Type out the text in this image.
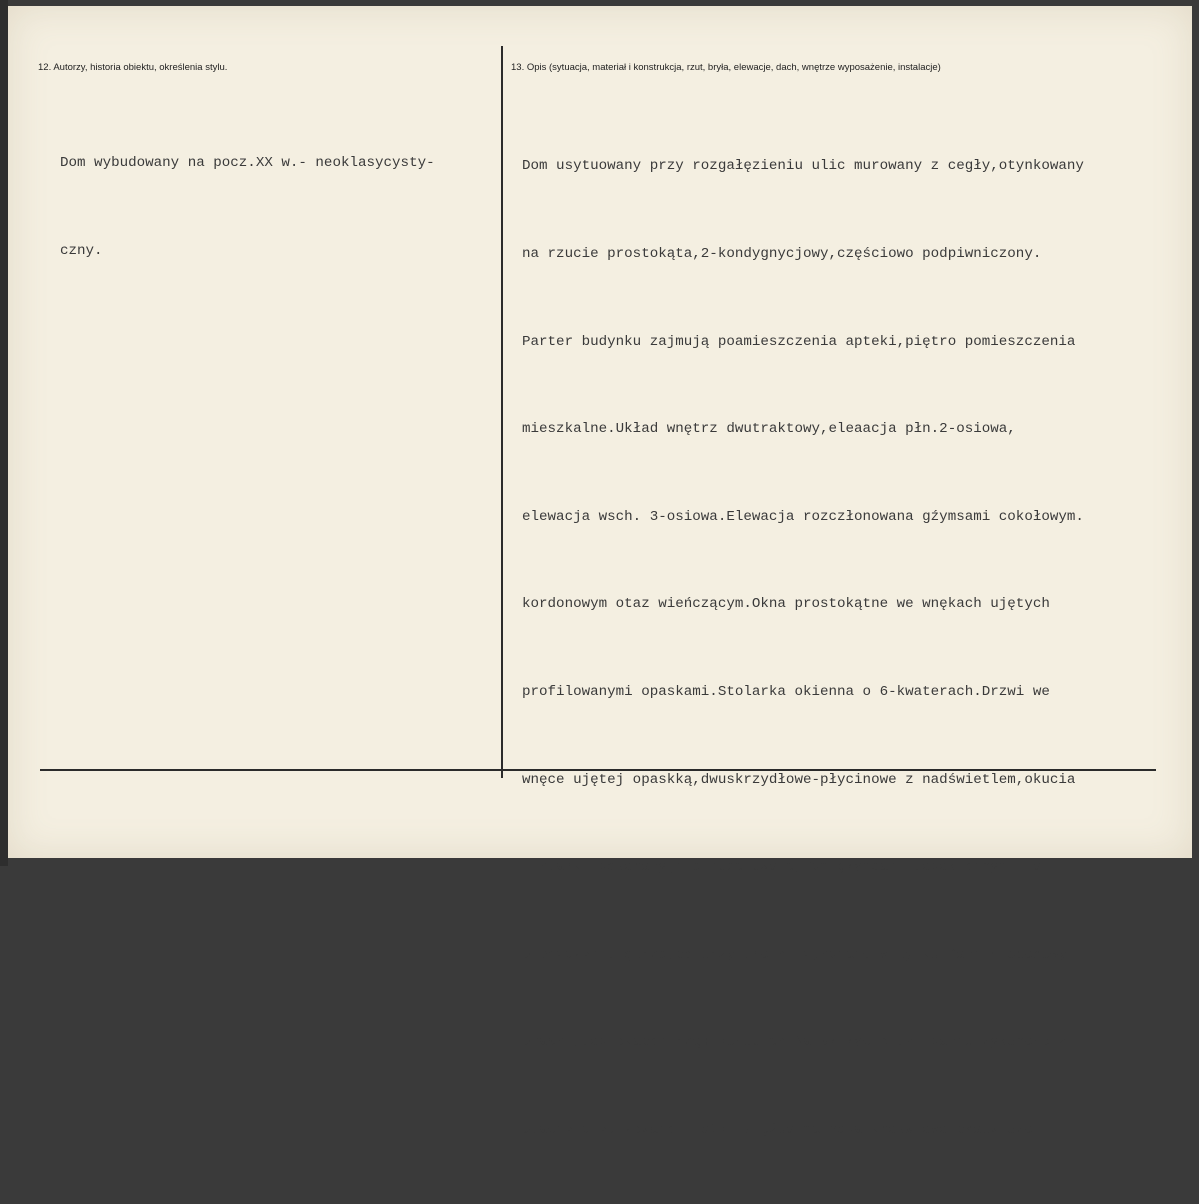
12. Autorzy, historia obiektu, określenia stylu.	13. Opis (sytuacja, materiał i konstrukcja, rzut, bryła, elewacje, dach, wnętrze wyposażenie, instalacje)

Dom wybudowany na pocz.XX w.- neoklasycysty-

czny.

Dom usytuowany przy rozgałęzieniu ulic murowany z cegły,otynkowany

na rzucie prostokąta,2-kondygnycjowy,częściowo podpiwniczony.

Parter budynku zajmują poamieszczenia apteki,piętro pomieszczenia

mieszkalne.Układ wnętrz dwutraktowy,eleaacja płn.2-osiowa,

elewacja wsch. 3-osiowa.Elewacja rozczłonowana gźymsami cokołowym.

kordonowym otaz wieńczącym.Okna prostokątne we wnękach ujętych

profilowanymi opaskami.Stolarka okienna o 6-kwaterach.Drzwi we

wnęce ujętej opaskką,dwuskrzydłowe-płycinowe z nadświetlem,okucia

i klamki dekoracyjnie modelowane,Pod gzymsami podokiennymi na

pierwszym piętrze,po trzy tralki wykonane w tynku.Dach 4-spadowy

płaski,pod okapem rząd konsolek.Na szczycie płn.dachu wykonane z

blachy stylizowane listki.Więźba dachowa krokwiowo-płatwiowa
